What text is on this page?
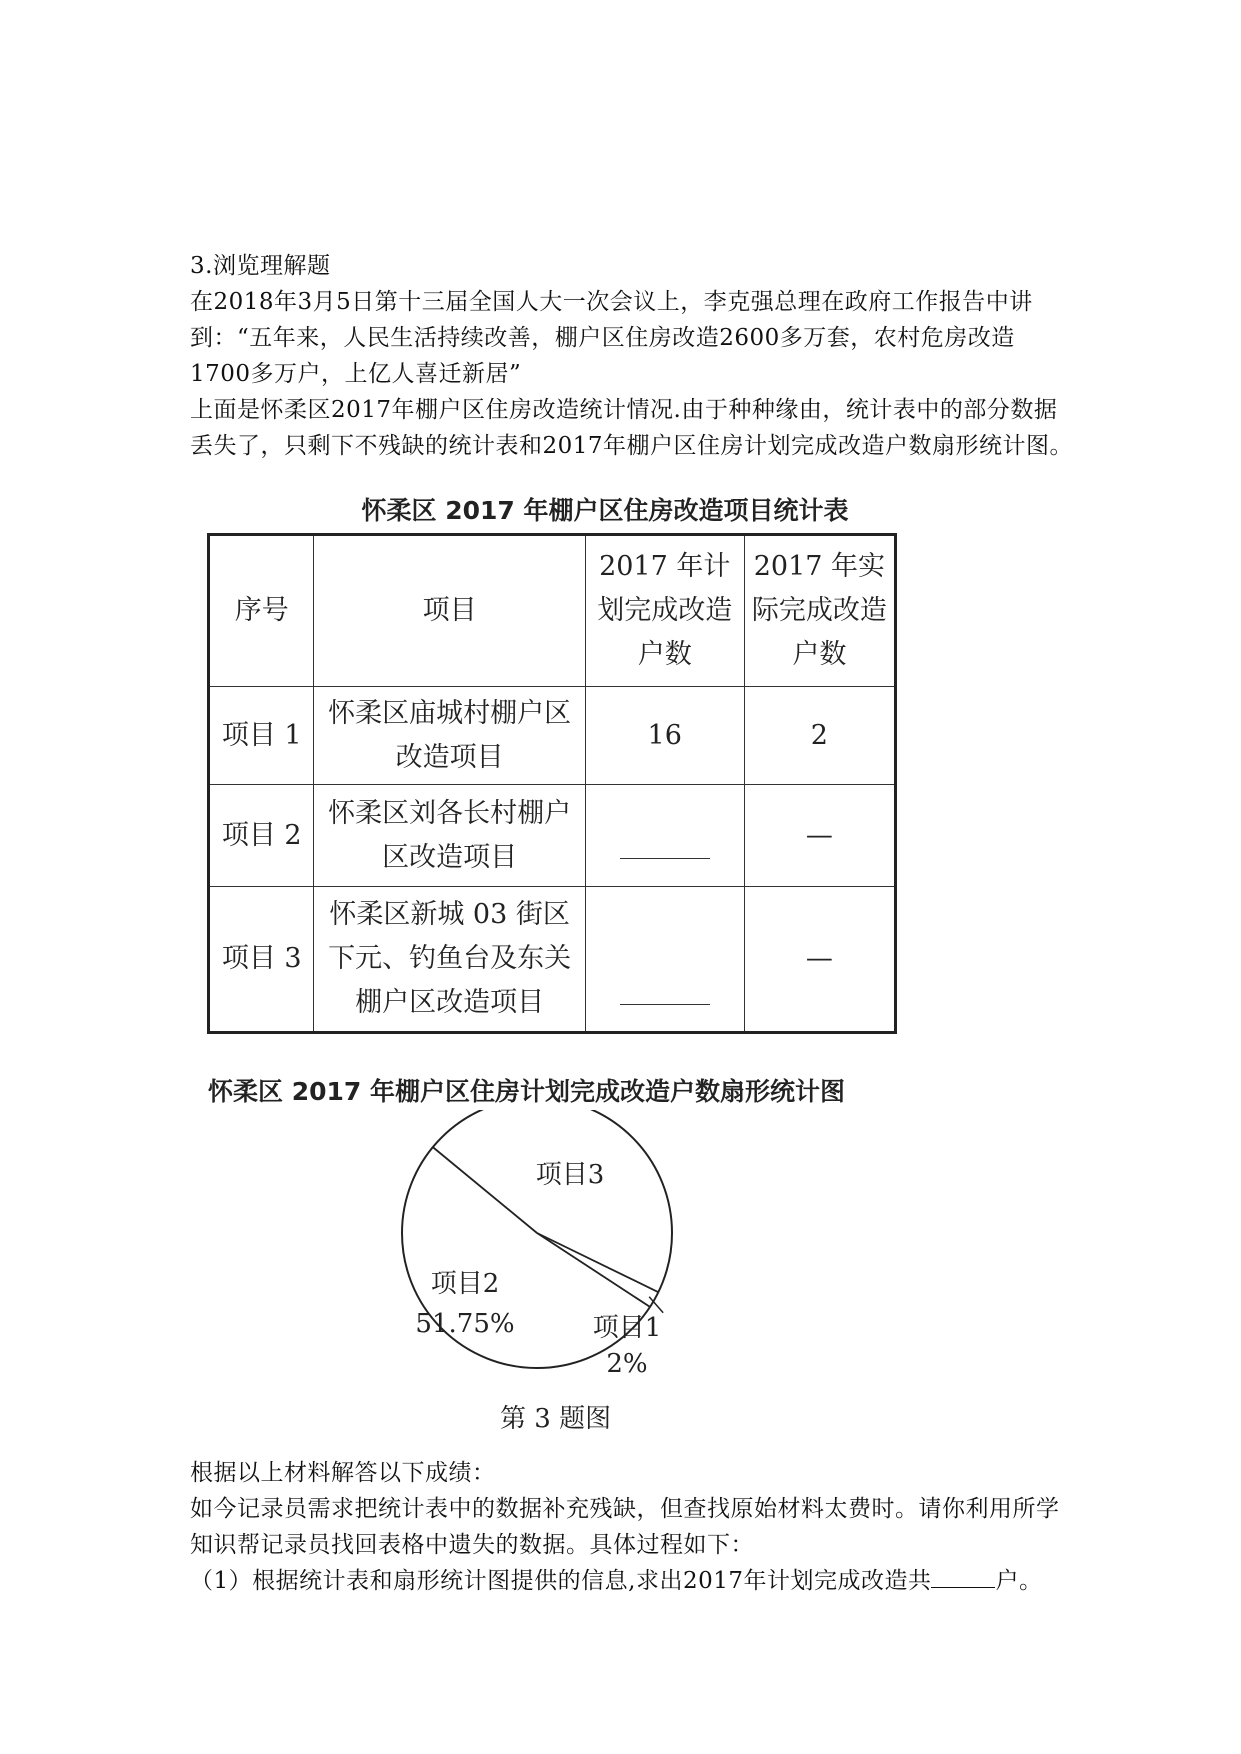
3.浏览理解题

在2018年3月5日第十三届全国人大一次会议上，李克强总理在政府工作报告中讲到：“五年来，人民生活持续改善，棚户区住房改造2600多万套，农村危房改造1700多万户，上亿人喜迁新居”

上面是怀柔区2017年棚户区住房改造统计情况.由于种种缘由，统计表中的部分数据丢失了，只剩下不残缺的统计表和2017年棚户区住房计划完成改造户数扇形统计图。

怀柔区 2017 年棚户区住房改造项目统计表
序号	项目	2017 年计划完成改造户数	2017 年实际完成改造户数
项目 1	怀柔区庙城村棚户区改造项目	16	2
项目 2	怀柔区刘各长村棚户区改造项目		—
项目 3	怀柔区新城 03 街区下元、钓鱼台及东关棚户区改造项目		—
怀柔区 2017 年棚户区住房计划完成改造户数扇形统计图
项目3
项目2
51.75%	项目1
2%
第 3 题图

根据以上材料解答以下成绩：

如今记录员需求把统计表中的数据补充残缺，但查找原始材料太费时。请你利用所学知识帮记录员找回表格中遗失的数据。具体过程如下：

（1）根据统计表和扇形统计图提供的信息,求出2017年计划完成改造共	户。
